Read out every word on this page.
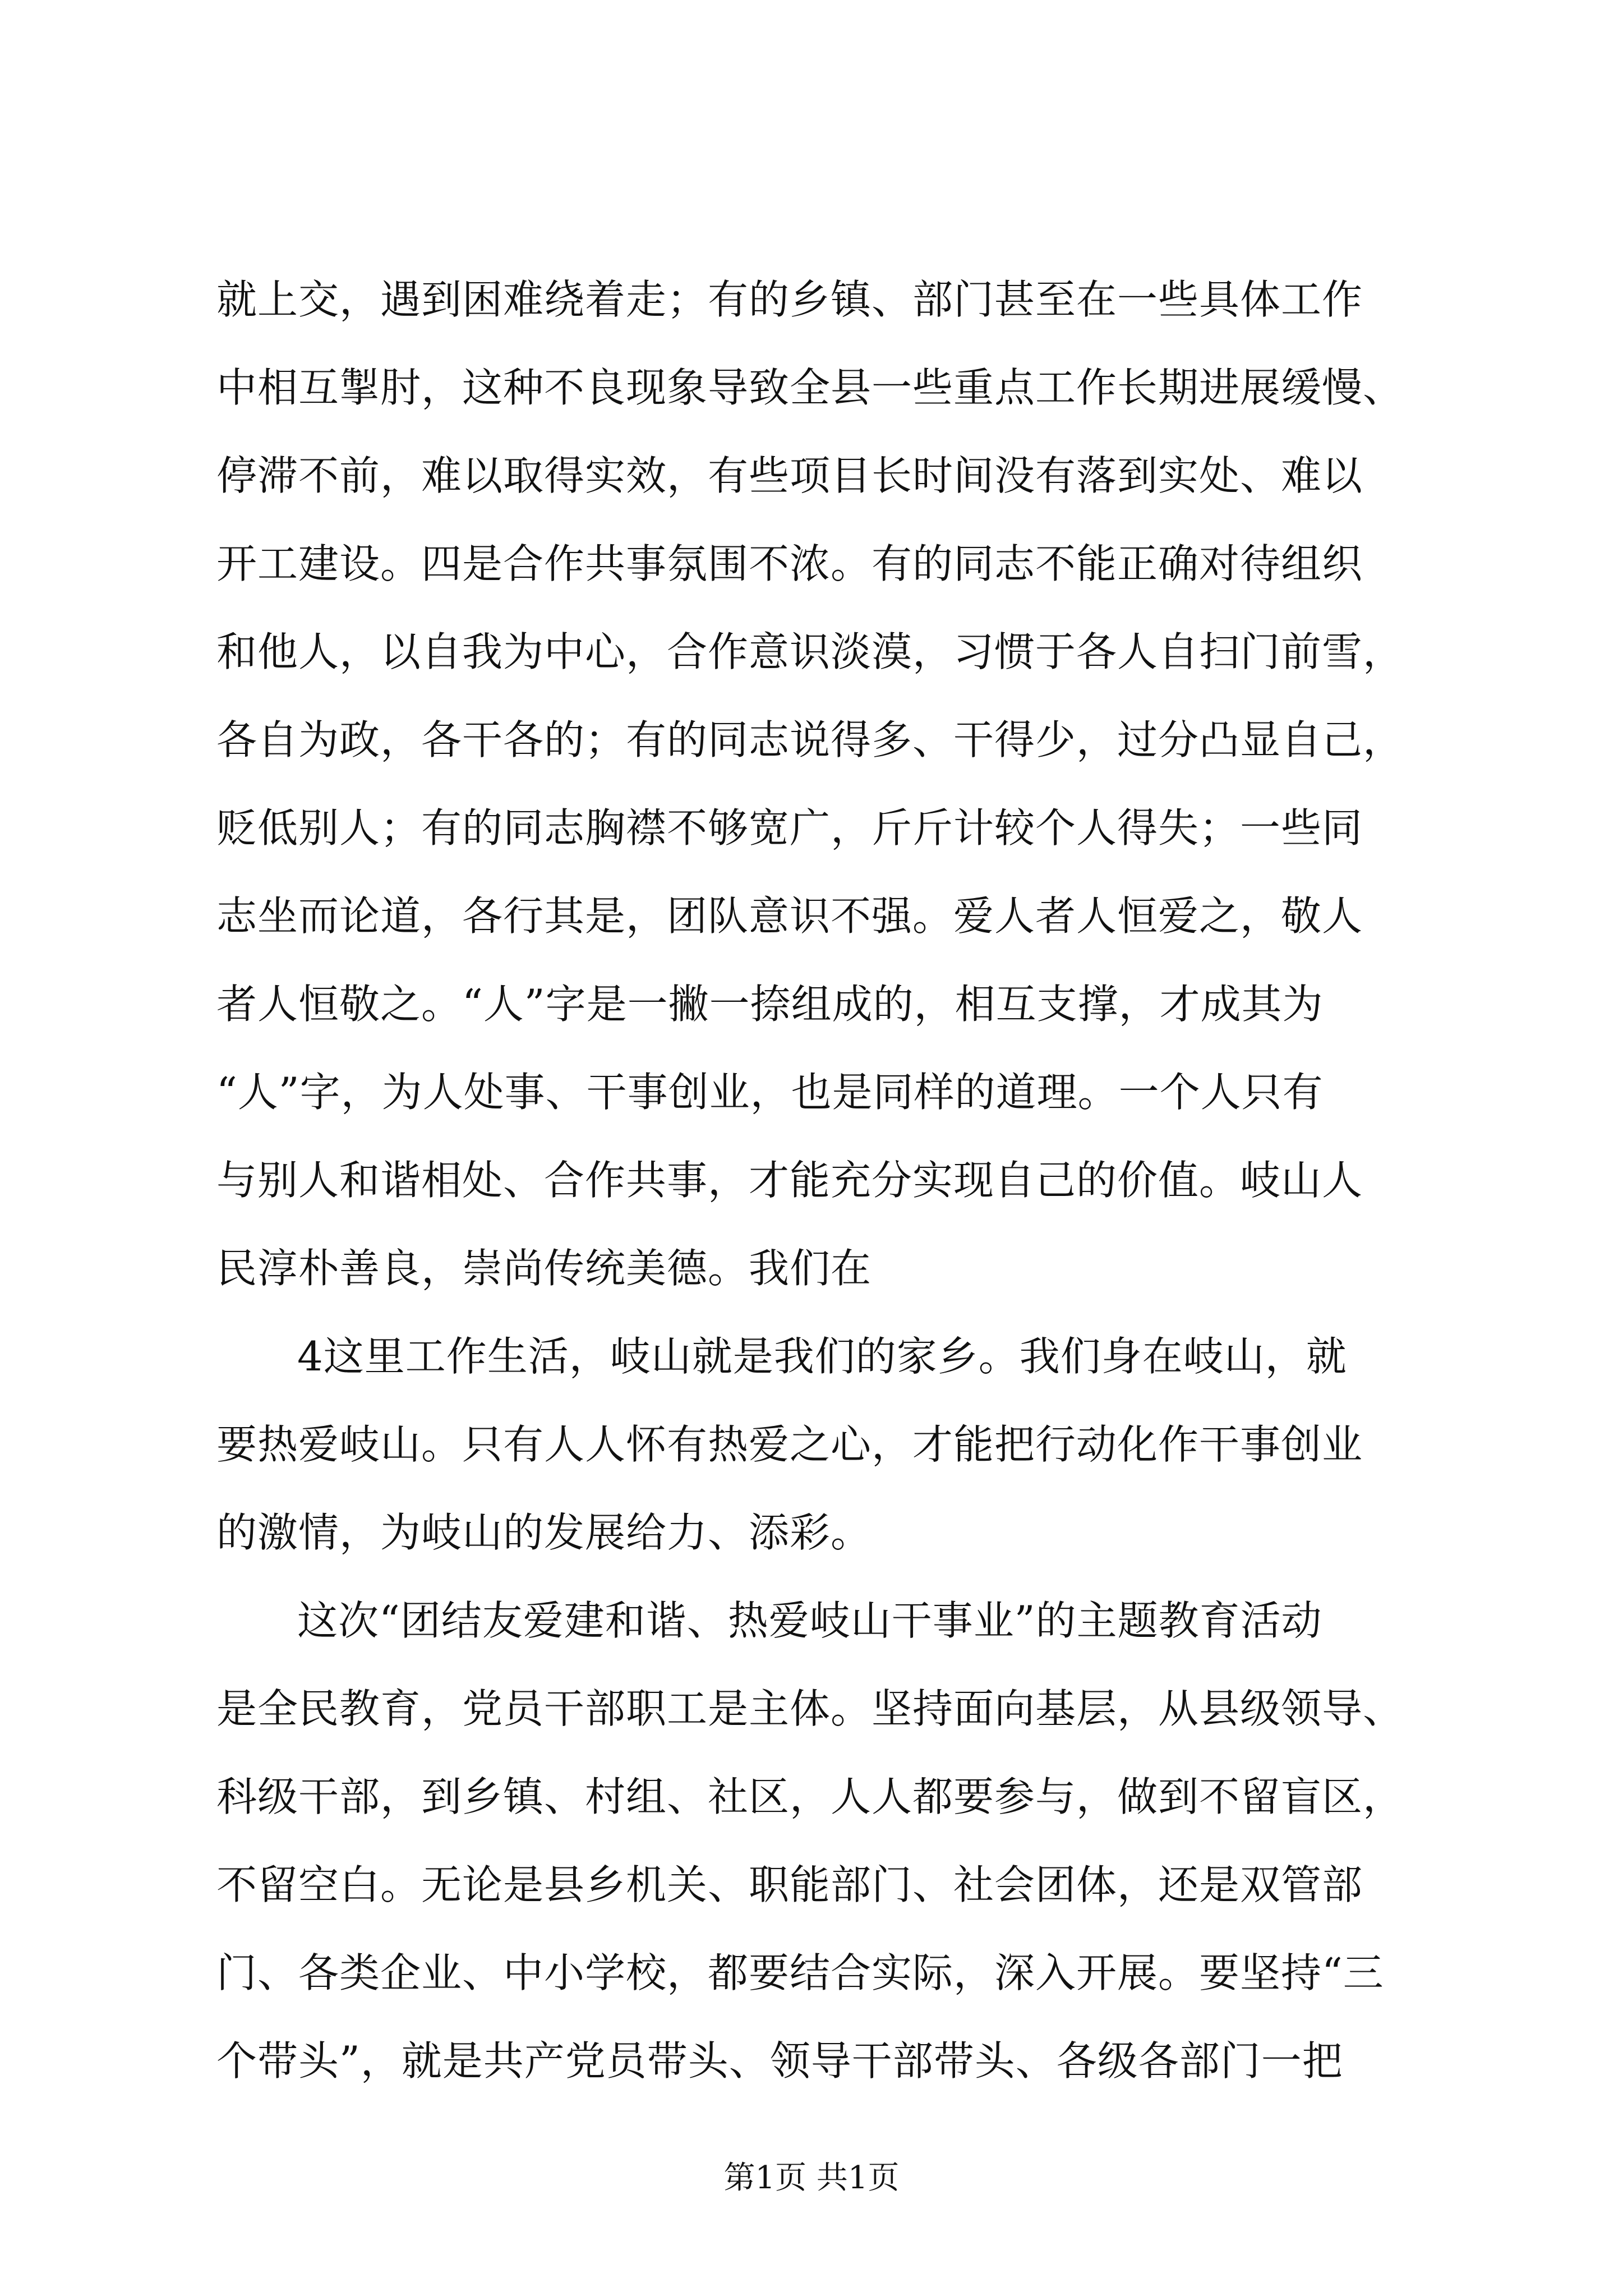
就上交，遇到困难绕着走；有的乡镇、部门甚至在一些具体工作
中相互掣肘，这种不良现象导致全县一些重点工作长期进展缓慢、
停滞不前，难以取得实效，有些项目长时间没有落到实处、难以
开工建设。四是合作共事氛围不浓。有的同志不能正确对待组织
和他人，以自我为中心，合作意识淡漠，习惯于各人自扫门前雪，
各自为政，各干各的；有的同志说得多、干得少，过分凸显自己，
贬低别人；有的同志胸襟不够宽广，斤斤计较个人得失；一些同
志坐而论道，各行其是，团队意识不强。爱人者人恒爱之，敬人
者人恒敬之。“人”字是一撇一捺组成的，相互支撑，才成其为
“人”字，为人处事、干事创业，也是同样的道理。一个人只有
与别人和谐相处、合作共事，才能充分实现自己的价值。岐山人
民淳朴善良，崇尚传统美德。我们在
4这里工作生活，岐山就是我们的家乡。我们身在岐山，就
要热爱岐山。只有人人怀有热爱之心，才能把行动化作干事创业
的激情，为岐山的发展给力、添彩。
这次“团结友爱建和谐、热爱岐山干事业”的主题教育活动
是全民教育，党员干部职工是主体。坚持面向基层，从县级领导、
科级干部，到乡镇、村组、社区，人人都要参与，做到不留盲区，
不留空白。无论是县乡机关、职能部门、社会团体，还是双管部
门、各类企业、中小学校，都要结合实际，深入开展。要坚持“三
个带头”，就是共产党员带头、领导干部带头、各级各部门一把
第1页 共1页
